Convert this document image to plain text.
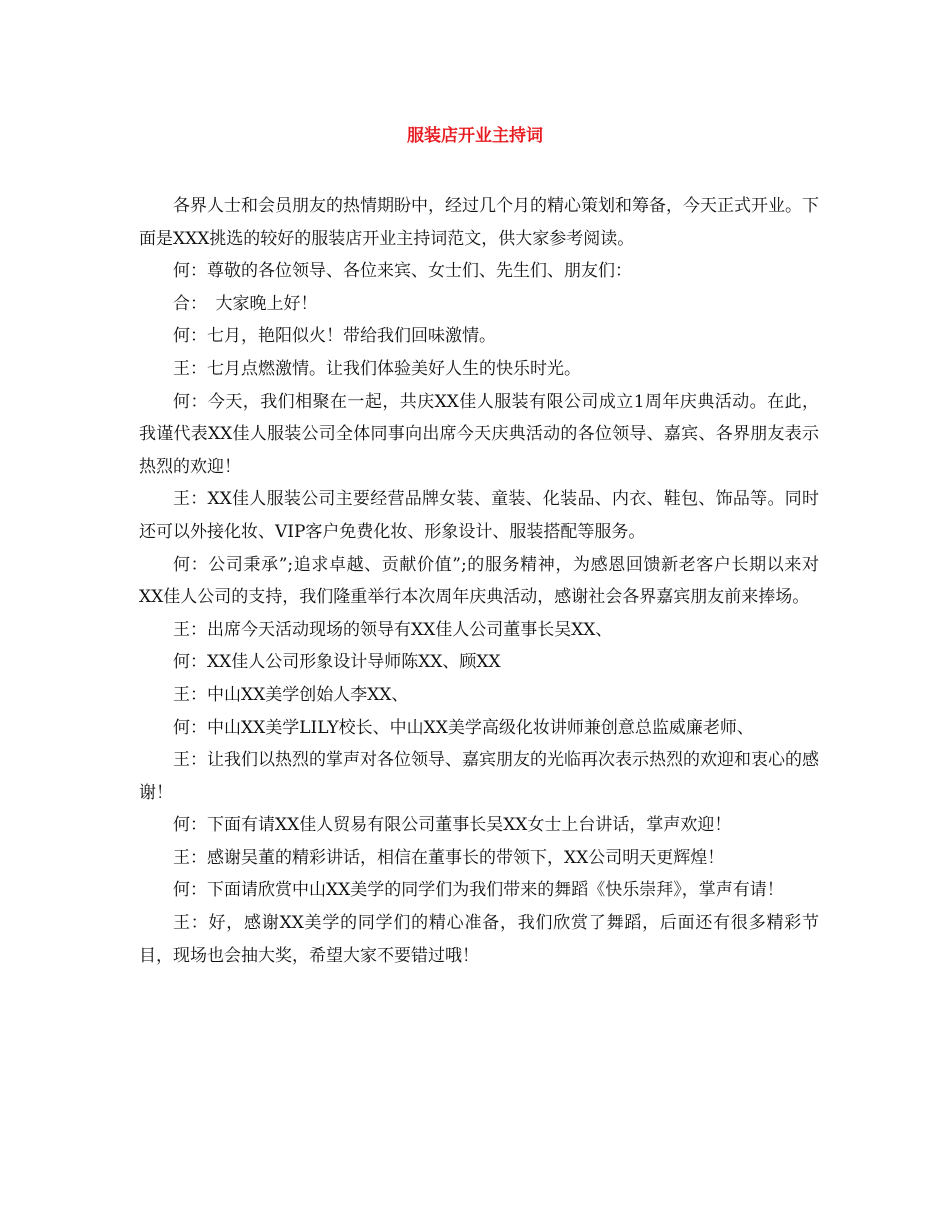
服装店开业主持词

各界人士和会员朋友的热情期盼中，经过几个月的精心策划和筹备，今天正式开业。下面是XXX挑选的较好的服装店开业主持词范文，供大家参考阅读。

何：尊敬的各位领导、各位来宾、女士们、先生们、朋友们：

合：　大家晚上好！

何：七月，艳阳似火！带给我们回味激情。

王：七月点燃激情。让我们体验美好人生的快乐时光。

何：今天，我们相聚在一起，共庆XX佳人服装有限公司成立1周年庆典活动。在此，我谨代表XX佳人服装公司全体同事向出席今天庆典活动的各位领导、嘉宾、各界朋友表示热烈的欢迎！

王：XX佳人服装公司主要经营品牌女装、童装、化装品、内衣、鞋包、饰品等。同时还可以外接化妆、VIP客户免费化妆、形象设计、服装搭配等服务。

何：公司秉承”;追求卓越、贡献价值”;的服务精神，为感恩回馈新老客户长期以来对XX佳人公司的支持，我们隆重举行本次周年庆典活动，感谢社会各界嘉宾朋友前来捧场。

王：出席今天活动现场的领导有XX佳人公司董事长吴XX、

何：XX佳人公司形象设计导师陈XX、顾XX

王：中山XX美学创始人李XX、

何：中山XX美学LILY校长、中山XX美学高级化妆讲师兼创意总监威廉老师、

王：让我们以热烈的掌声对各位领导、嘉宾朋友的光临再次表示热烈的欢迎和衷心的感谢！

何：下面有请XX佳人贸易有限公司董事长吴XX女士上台讲话，掌声欢迎！

王：感谢吴董的精彩讲话，相信在董事长的带领下，XX公司明天更辉煌！

何：下面请欣赏中山XX美学的同学们为我们带来的舞蹈《快乐崇拜》，掌声有请！

王：好，感谢XX美学的同学们的精心准备，我们欣赏了舞蹈，后面还有很多精彩节目，现场也会抽大奖，希望大家不要错过哦！
